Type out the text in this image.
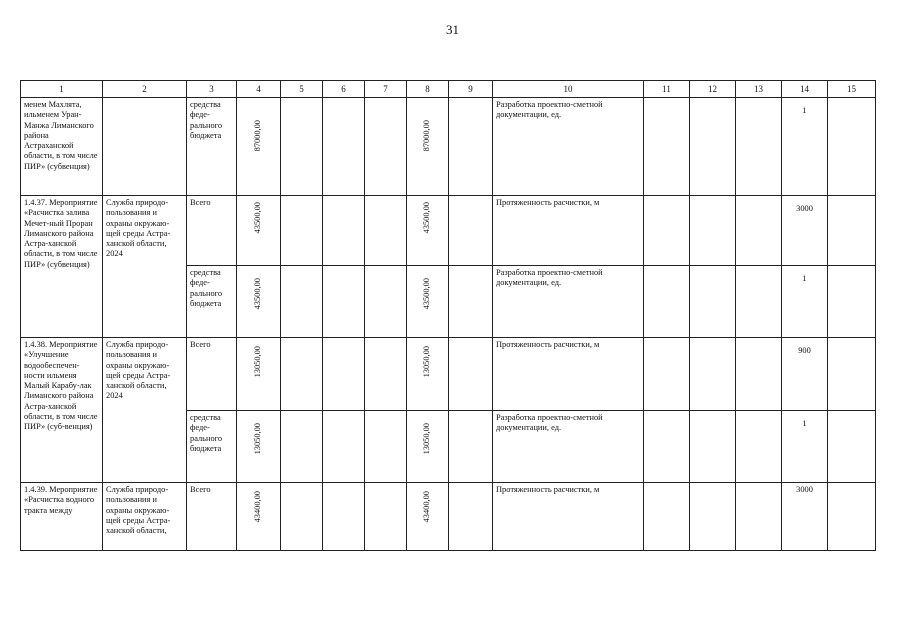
31
1	2	3	4	5	6	7	8	9	10	11	12	13	14	15
менем Махлята, ильменем Уран-Манжа Лиманского района Астраханской области, в том числе ПИР» (субвенция)		средства феде-рального бюджета	87000,00				87000,00		Разработка проектно-сметной документации, ед.				1	
1.4.37. Мероприятие «Расчистка залива Мечет-ный Проран Лиманского района Астра-ханской области, в том числе ПИР» (субвенция)	Служба природо-пользования и охраны окружаю-щей среды Астра-ханской области, 2024	Всего	43500,00				43500,00		Протяженность расчистки, м				3000	
		средства феде-рального бюджета	43500,00				43500,00		Разработка проектно-сметной документации, ед.				1	
1.4.38. Мероприятие «Улучшение водообеспечен-ности ильменя Малый Карабу-лак Лиманского района Астра-ханской области, в том числе ПИР» (суб-венция)	Служба природо-пользования и охраны окружаю-щей среды Астра-ханской области, 2024	Всего	13050,00				13050,00		Протяженность расчистки, м				900	
		средства феде-рального бюджета	13050,00				13050,00		Разработка проектно-сметной документации, ед.				1	
1.4.39. Мероприятие «Расчистка водного тракта между	Служба природо-пользования и охраны окружаю-щей среды Астра-ханской области,	Всего	43400,00				43400,00		Протяженность расчистки, м				3000	
